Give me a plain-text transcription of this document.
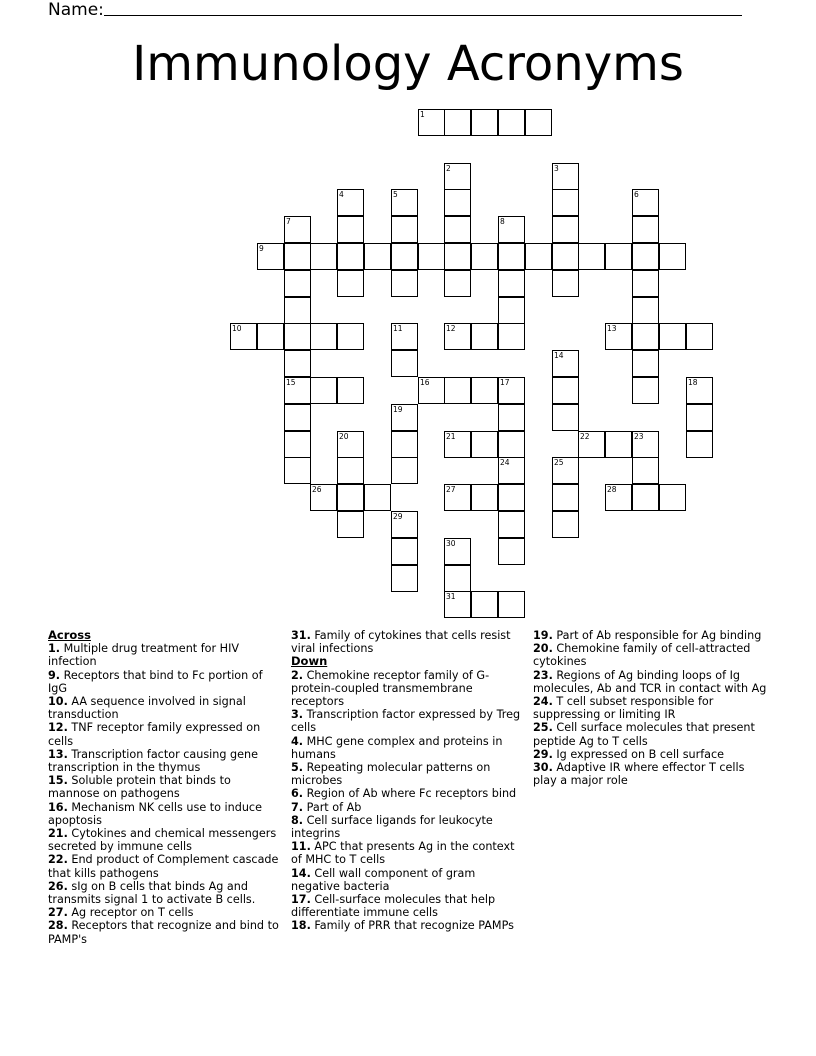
Name:
Immunology Acronyms
1
2	3
4	5	6
7	8
9
10	11	12	13
14
15	16	17	18
19
20	21	22	23
24	25
26	27	28
29
30
31
Across
1. Multiple drug treatment for HIV infection
9. Receptors that bind to Fc portion of IgG
10. AA sequence involved in signal transduction
12. TNF receptor family expressed on cells
13. Transcription factor causing gene transcription in the thymus
15. Soluble protein that binds to mannose on pathogens
16. Mechanism NK cells use to induce apoptosis
21. Cytokines and chemical messengers secreted by immune cells
22. End product of Complement cascade that kills pathogens
26. sIg on B cells that binds Ag and transmits signal 1 to activate B cells.
27. Ag receptor on T cells
28. Receptors that recognize and bind to PAMP's
31. Family of cytokines that cells resist viral infections
Down
2. Chemokine receptor family of G-protein-coupled transmembrane receptors
3. Transcription factor expressed by Treg cells
4. MHC gene complex and proteins in humans
5. Repeating molecular patterns on microbes
6. Region of Ab where Fc receptors bind
7. Part of Ab
8. Cell surface ligands for leukocyte integrins
11. APC that presents Ag in the context of MHC to T cells
14. Cell wall component of gram negative bacteria
17. Cell-surface molecules that help differentiate immune cells
18. Family of PRR that recognize PAMPs
19. Part of Ab responsible for Ag binding
20. Chemokine family of cell-attracted cytokines
23. Regions of Ag binding loops of Ig molecules, Ab and TCR in contact with Ag
24. T cell subset responsible for suppressing or limiting IR
25. Cell surface molecules that present peptide Ag to T cells
29. Ig expressed on B cell surface
30. Adaptive IR where effector T cells play a major role
